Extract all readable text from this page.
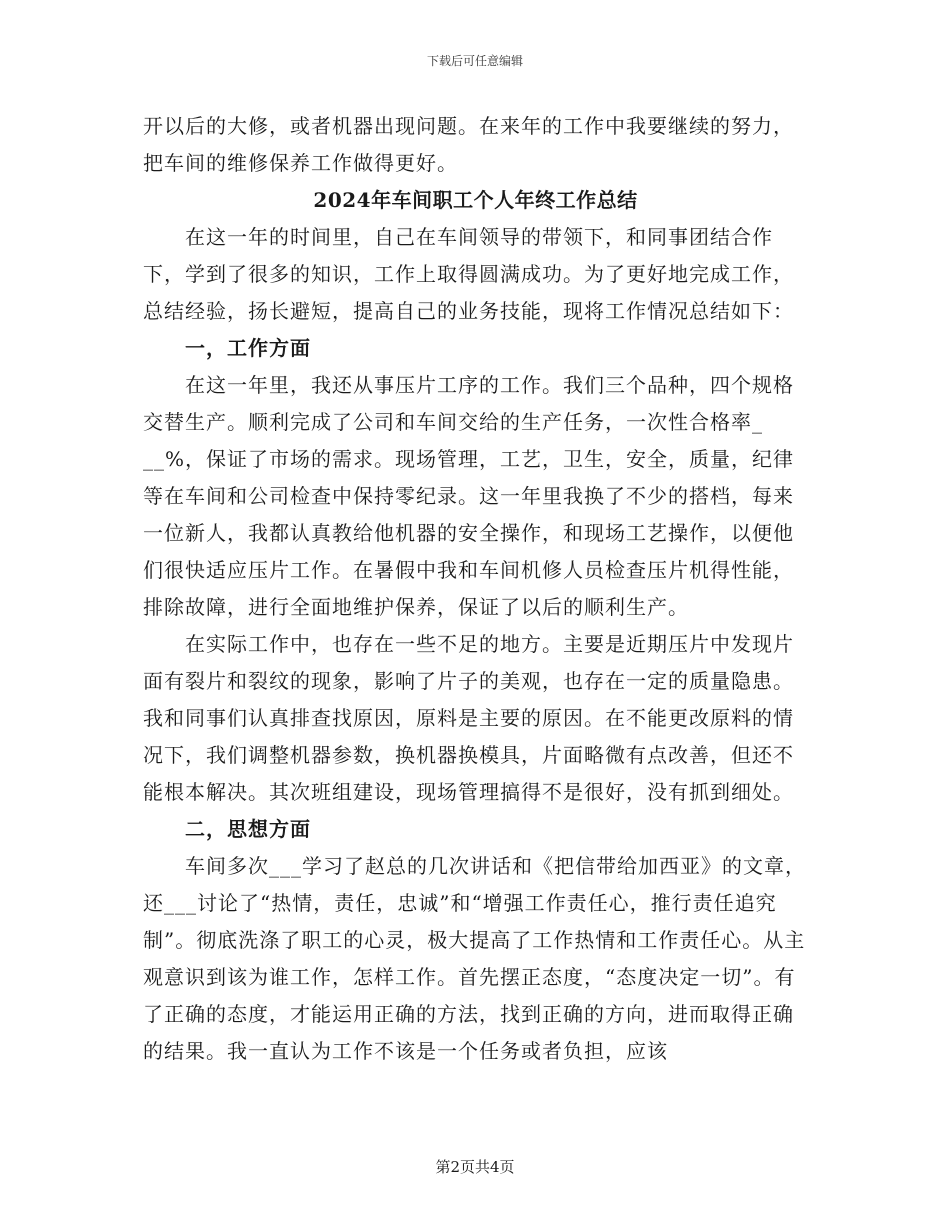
下载后可任意编辑

开以后的大修，或者机器出现问题。在来年的工作中我要继续的努力，把车间的维修保养工作做得更好。

2024年车间职工个人年终工作总结

在这一年的时间里，自己在车间领导的带领下，和同事团结合作下，学到了很多的知识，工作上取得圆满成功。为了更好地完成工作，总结经验，扬长避短，提高自己的业务技能，现将工作情况总结如下：

一，工作方面

在这一年里，我还从事压片工序的工作。我们三个品种，四个规格交替生产。顺利完成了公司和车间交给的生产任务，一次性合格率_ __%，保证了市场的需求。现场管理，工艺，卫生，安全，质量，纪律等在车间和公司检查中保持零纪录。这一年里我换了不少的搭档，每来一位新人，我都认真教给他机器的安全操作，和现场工艺操作，以便他们很快适应压片工作。在暑假中我和车间机修人员检查压片机得性能，排除故障，进行全面地维护保养，保证了以后的顺利生产。

在实际工作中，也存在一些不足的地方。主要是近期压片中发现片面有裂片和裂纹的现象，影响了片子的美观，也存在一定的质量隐患。我和同事们认真排查找原因，原料是主要的原因。在不能更改原料的情况下，我们调整机器参数，换机器换模具，片面略微有点改善，但还不能根本解决。其次班组建设，现场管理搞得不是很好，没有抓到细处。

二，思想方面

车间多次___学习了赵总的几次讲话和《把信带给加西亚》的文章，还___讨论了“热情，责任，忠诚”和“增强工作责任心，推行责任追究制”。彻底洗涤了职工的心灵，极大提高了工作热情和工作责任心。从主观意识到该为谁工作，怎样工作。首先摆正态度，“态度决定一切”。有了正确的态度，才能运用正确的方法，找到正确的方向，进而取得正确的结果。我一直认为工作不该是一个任务或者负担，应该

第2页共4页
